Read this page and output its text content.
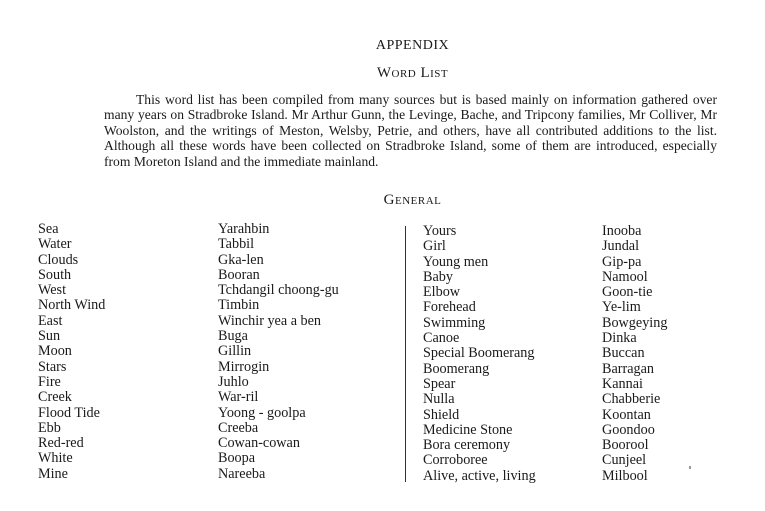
APPENDIX
Word List

This word list has been compiled from many sources but is based mainly on information gathered over many years on Stradbroke Island. Mr Arthur Gunn, the Levinge, Bache, and Tripcony families, Mr Colliver, Mr Woolston, and the writings of Meston, Welsby, Petrie, and others, have all contributed additions to the list. Although all these words have been collected on Stradbroke Island, some of them are introduced, especially from Moreton Island and the immediate mainland.

General
Sea
Water
Clouds
South
West
North Wind
East
Sun
Moon
Stars
Fire
Creek
Flood Tide
Ebb
Red-red
White
Mine
Yarahbin
Tabbil
Gka-len
Booran
Tchdangil choong-gu
Timbin
Winchir yea a ben
Buga
Gillin
Mirrogin
Juhlo
War-ril
Yoong - goolpa
Creeba
Cowan-cowan
Boopa
Nareeba
Yours
Girl
Young men
Baby
Elbow
Forehead
Swimming
Canoe
Special Boomerang
Boomerang
Spear
Nulla
Shield
Medicine Stone
Bora ceremony
Corroboree
Alive, active, living
Inooba
Jundal
Gip-pa
Namool
Goon-tie
Ye-lim
Bowgeying
Dinka
Buccan
Barragan
Kannai
Chabberie
Koontan
Goondoo
Boorool
Cunjeel
Milbool
